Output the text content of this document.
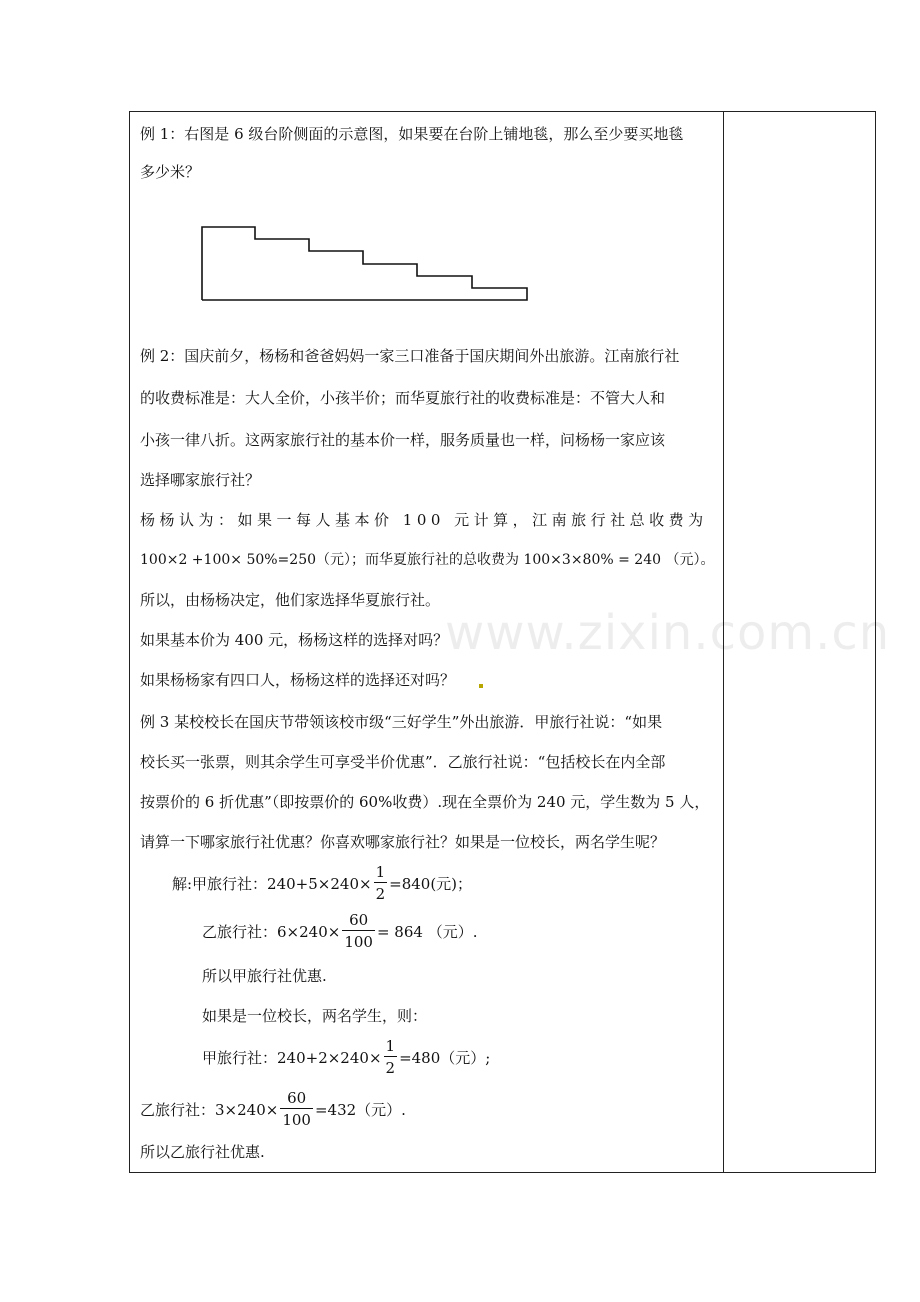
例 1：右图是 6 级台阶侧面的示意图，如果要在台阶上铺地毯，那么至少要买地毯
多少米？
例 2：国庆前夕，杨杨和爸爸妈妈一家三口准备于国庆期间外出旅游。江南旅行社
的收费标准是：大人全价，小孩半价；而华夏旅行社的收费标准是：不管大人和
小孩一律八折。这两家旅行社的基本价一样，服务质量也一样，问杨杨一家应该
选择哪家旅行社？
杨杨认为：如果一每人基本价 100 元计算，江南旅行社总收费为
100×2 +100× 50%=250（元）；而华夏旅行社的总收费为 100×3×80% = 240 （元）。
所以，由杨杨决定，他们家选择华夏旅行社。
如果基本价为 400 元，杨杨这样的选择对吗？
如果杨杨家有四口人，杨杨这样的选择还对吗？
www.zixin.com.cn
例 3 某校校长在国庆节带领该校市级“三好学生”外出旅游．甲旅行社说：“如果
校长买一张票，则其余学生可享受半价优惠”．乙旅行社说：“包括校长在内全部
按票价的 6 折优惠”（即按票价的 60%收费）.现在全票价为 240 元，学生数为 5 人，
请算一下哪家旅行社优惠？你喜欢哪家旅行社？如果是一位校长，两名学生呢？
解:甲旅行社：$240+5\times 240\times \frac{1}{2} =840$(元)；
乙旅行社：$6\times 240\times \frac{60}{100} = 864$ （元）.
所以甲旅行社优惠.
如果是一位校长，两名学生，则：
甲旅行社：$240+2\times 240\times \frac{1}{2} =480$（元）;
乙旅行社：$3\times 240\times \frac{60}{100} =432$（元）.
所以乙旅行社优惠.
